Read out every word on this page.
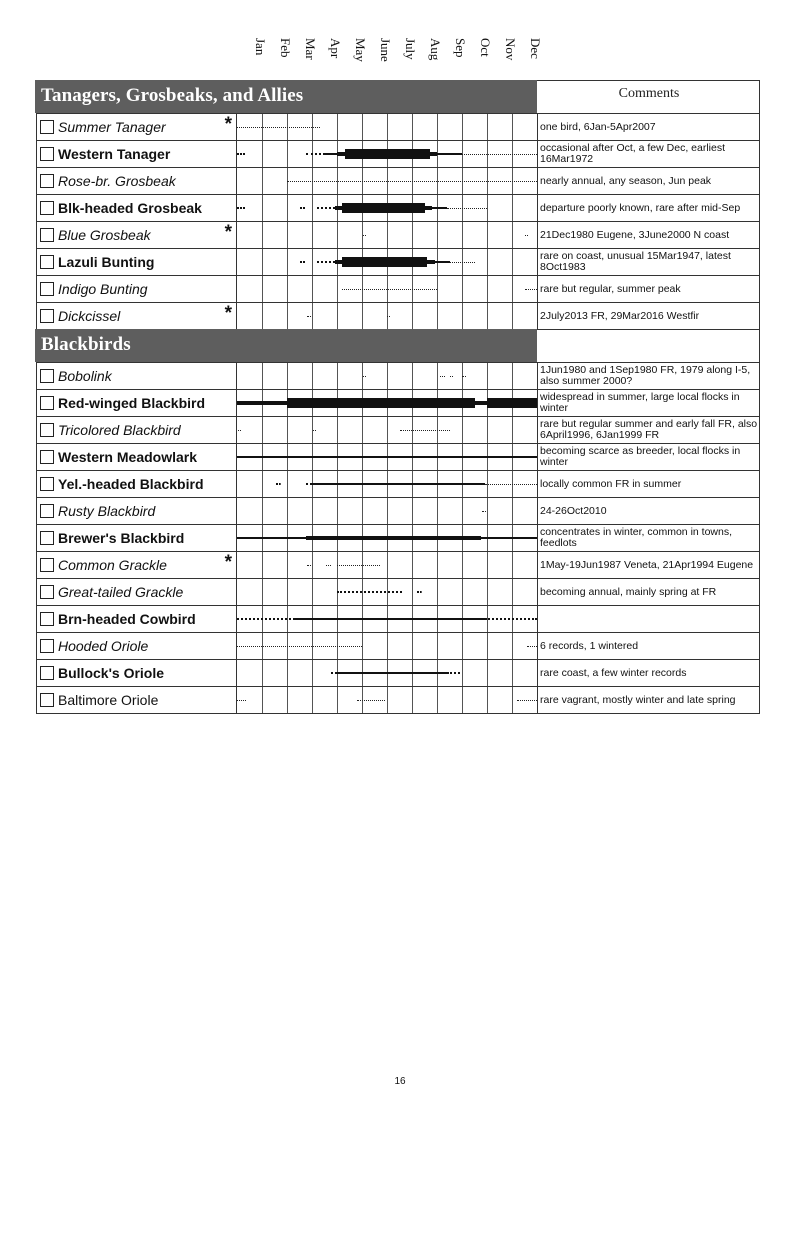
Jan Feb Mar Apr May June July Aug Sep Oct Nov Dec
Tanagers, Grosbeaks, and Allies	Comments
Summer Tanager	*	one bird, 6Jan-5Apr2007
Western Tanager	occasional after Oct, a few Dec, earliest 16Mar1972
Rose-br. Grosbeak	nearly annual, any season, Jun peak
Blk-headed Grosbeak	departure poorly known, rare after mid-Sep
Blue Grosbeak	*	21Dec1980 Eugene, 3June2000 N coast
Lazuli Bunting	rare on coast, unusual 15Mar1947, latest 8Oct1983
Indigo Bunting	rare but regular, summer peak
Dickcissel	*	2July2013 FR, 29Mar2016 Westfir
Blackbirds
Bobolink	1Jun1980 and 1Sep1980 FR, 1979 along I-5, also summer 2000?
Red-winged Blackbird	widespread in summer, large local flocks in winter
Tricolored Blackbird	rare but regular summer and early fall FR, also 6April1996, 6Jan1999 FR
Western Meadowlark	becoming scarce as breeder, local flocks in winter
Yel.-headed Blackbird	locally common FR in summer
Rusty Blackbird	24-26Oct2010
Brewer's Blackbird	concentrates in winter, common in towns, feedlots
Common Grackle	*	1May-19Jun1987 Veneta, 21Apr1994 Eugene
Great-tailed Grackle	becoming annual, mainly spring at FR
Brn-headed Cowbird
Hooded Oriole	6 records, 1 wintered
Bullock's Oriole	rare coast, a few winter records
Baltimore Oriole	rare vagrant, mostly winter and late spring
16
